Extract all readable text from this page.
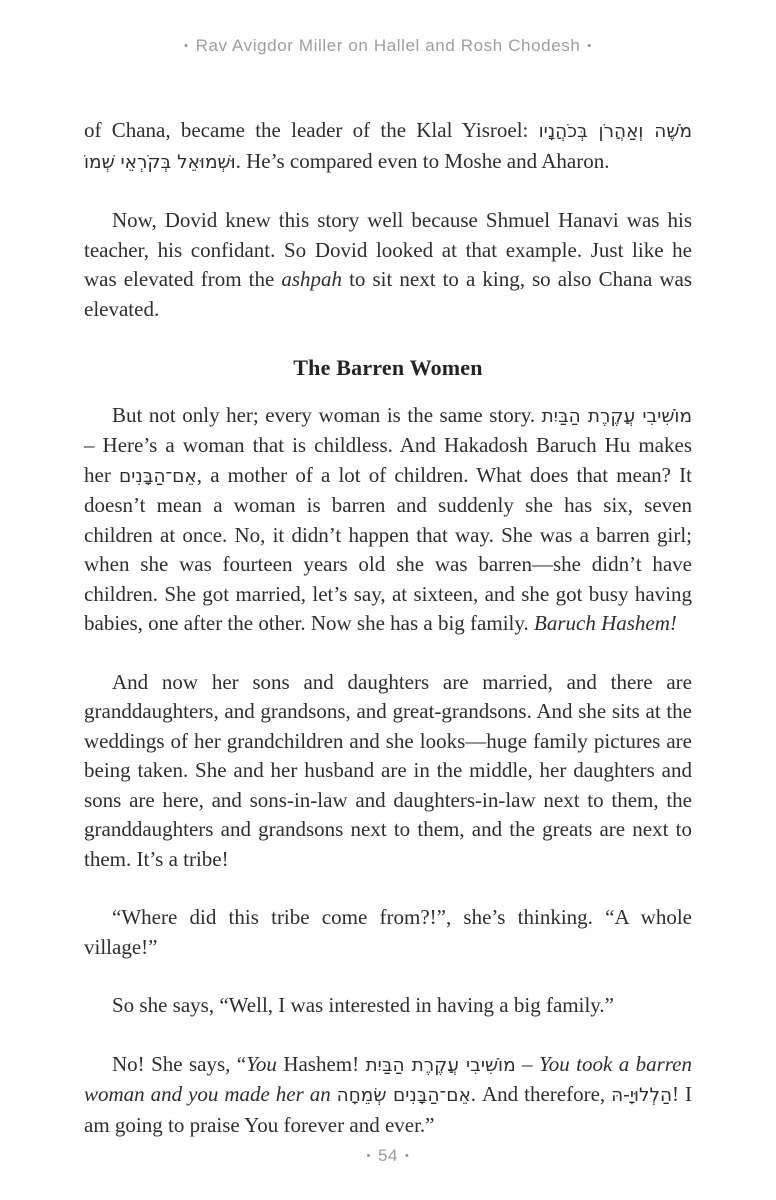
• Rav Avigdor Miller on Hallel and Rosh Chodesh •

of Chana, became the leader of the Klal Yisroel: מֹשֶׁה וְאַהֲרֹן בְּכֹהֲנָיו וּשְׁמוּאֵל בְּקֹרְאֵי שְׁמוֹ. He’s compared even to Moshe and Aharon.

Now, Dovid knew this story well because Shmuel Hanavi was his teacher, his confidant. So Dovid looked at that example. Just like he was elevated from the ashpah to sit next to a king, so also Chana was elevated.

The Barren Women

But not only her; every woman is the same story. מוֹשִׁיבִי עֲקֶרֶת הַבַּיִת – Here’s a woman that is childless. And Hakadosh Baruch Hu makes her אֵם־הַבָּנִים, a mother of a lot of children. What does that mean? It doesn’t mean a woman is barren and suddenly she has six, seven children at once. No, it didn’t happen that way. She was a barren girl; when she was fourteen years old she was barren—she didn’t have children. She got married, let’s say, at sixteen, and she got busy having babies, one after the other. Now she has a big family. Baruch Hashem!

And now her sons and daughters are married, and there are granddaughters, and grandsons, and great-grandsons. And she sits at the weddings of her grandchildren and she looks—huge family pictures are being taken. She and her husband are in the middle, her daughters and sons are here, and sons-in-law and daughters-in-law next to them, the granddaughters and grandsons next to them, and the greats are next to them. It’s a tribe!

“Where did this tribe come from?!”, she’s thinking. “A whole village!”

So she says, “Well, I was interested in having a big family.”

No! She says, “You Hashem! מוֹשִׁיבִי עֲקֶרֶת הַבַּיִת – You took a barren woman and you made her an אֵם־הַבָּנִים שְׂמֵחָה. And therefore, הַלְלוּיָ-הּ! I am going to praise You forever and ever.”

• 54 •
